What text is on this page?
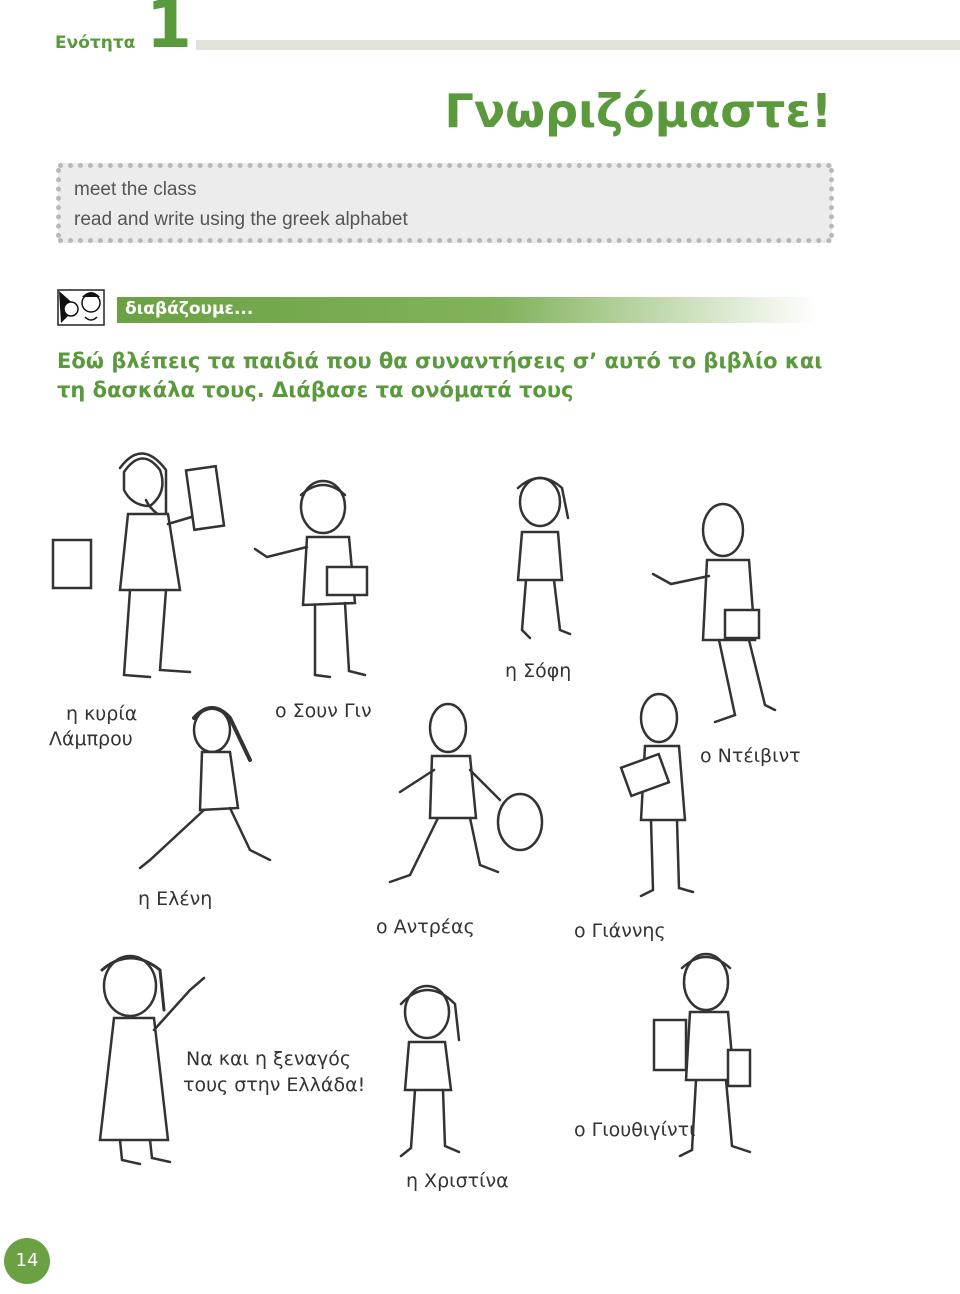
Ενότητα 1
Γνωριζόμαστε!
meet the class
read and write using the greek alphabet
διαβάζουμε...
Εδώ βλέπεις τα παιδιά που θα συναντήσεις σ’ αυτό το βιβλίο και τη δασκάλα τους. Διάβασε τα ονόματά τους
η κυρία
Λάμπρου
ο Σουν Γιν
η Σόφη
ο Ντέιβιντ
η Ελένη
ο Αντρέας	ο Γιάννης
Να και η ξεναγός
τους στην Ελλάδα!
η Χριστίνα
ο Γιουθιγίντι
14
